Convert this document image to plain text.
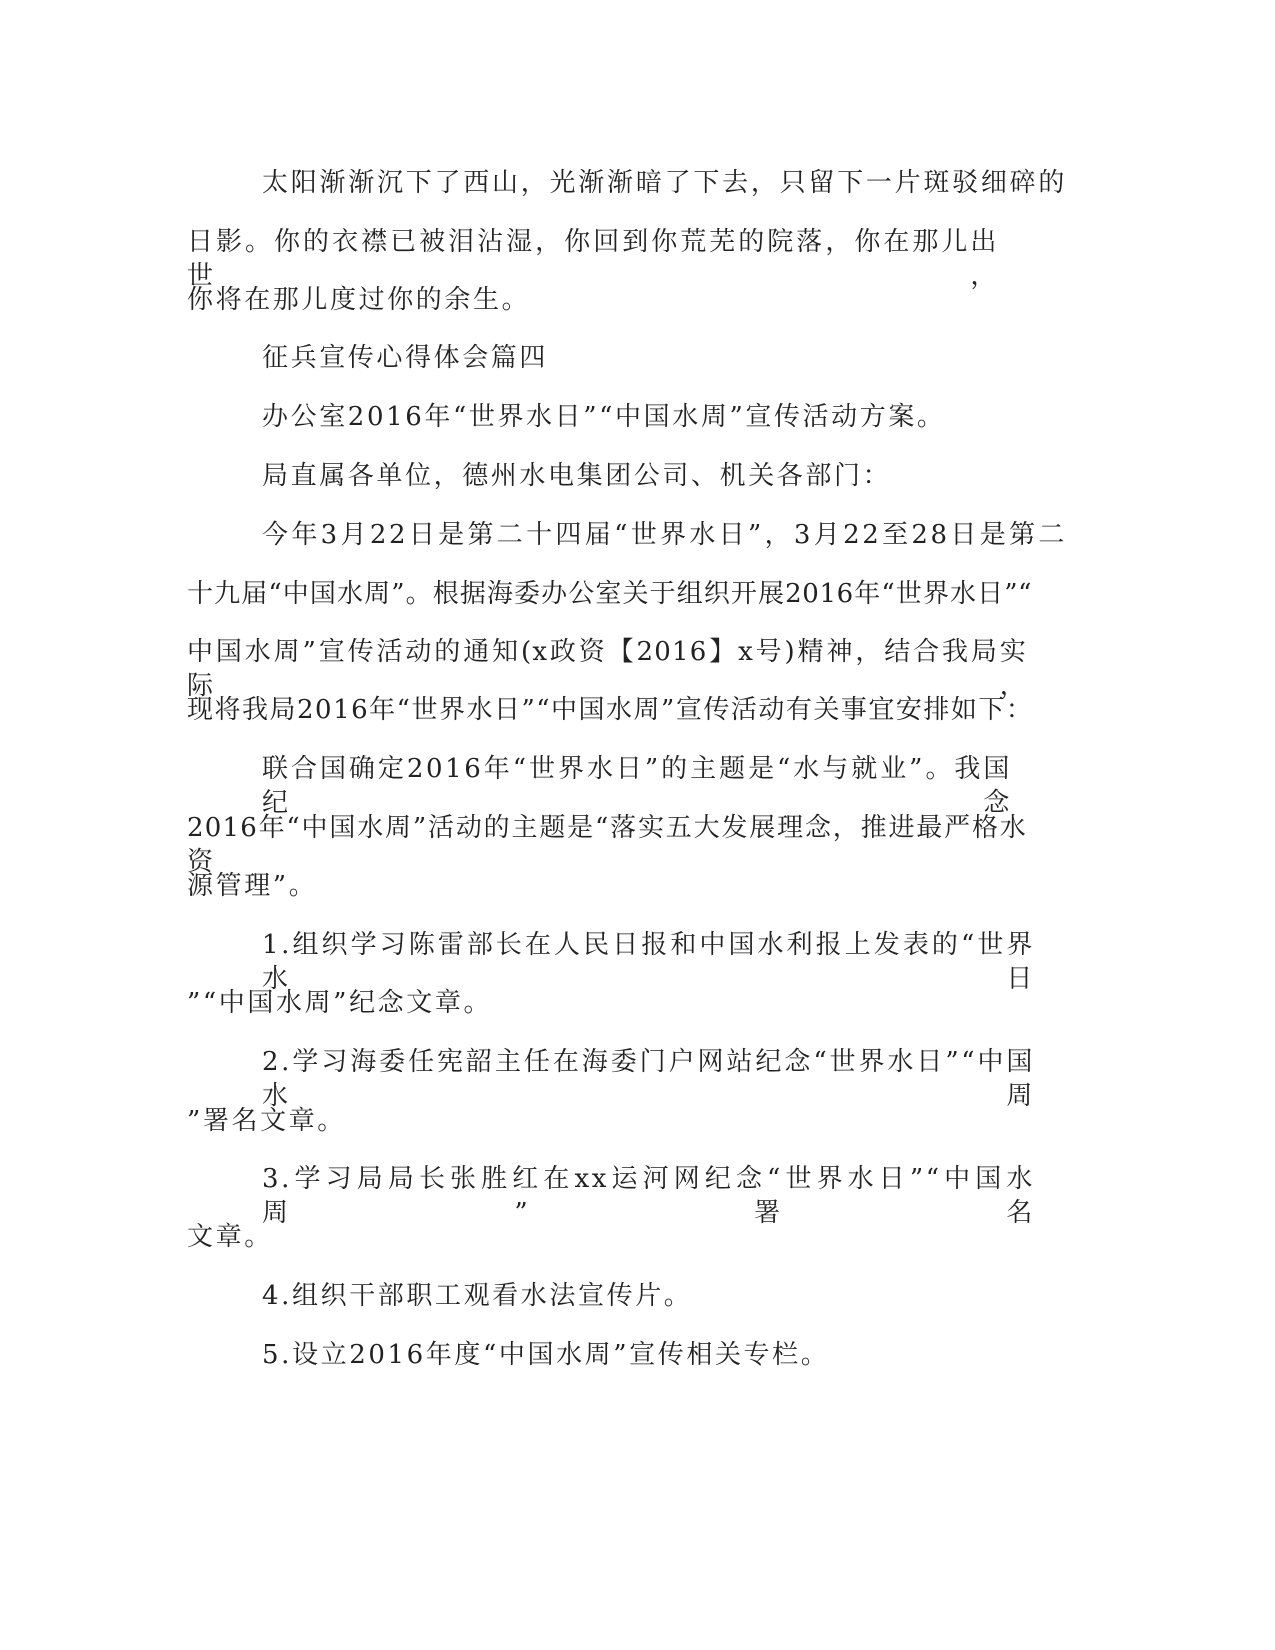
太阳渐渐沉下了西山，光渐渐暗了下去，只留下一片斑驳细碎的
日影。你的衣襟已被泪沾湿，你回到你荒芜的院落，你在那儿出世，
你将在那儿度过你的余生。
征兵宣传心得体会篇四
办公室2016年“世界水日”“中国水周”宣传活动方案。
局直属各单位，德州水电集团公司、机关各部门：
今年3月22日是第二十四届“世界水日”，3月22至28日是第二
十九届“中国水周”。根据海委办公室关于组织开展2016年“世界水日”“
中国水周”宣传活动的通知(x政资【2016】x号)精神，结合我局实际，
现将我局2016年“世界水日”“中国水周”宣传活动有关事宜安排如下：
联合国确定2016年“世界水日”的主题是“水与就业”。我国纪念
2016年“中国水周”活动的主题是“落实五大发展理念，推进最严格水资
源管理”。
1.组织学习陈雷部长在人民日报和中国水利报上发表的“世界水日
”“中国水周”纪念文章。
2.学习海委任宪韶主任在海委门户网站纪念“世界水日”“中国水周
”署名文章。
3.学习局局长张胜红在xx运河网纪念“世界水日”“中国水周”署名
文章。
4.组织干部职工观看水法宣传片。
5.设立2016年度“中国水周”宣传相关专栏。
